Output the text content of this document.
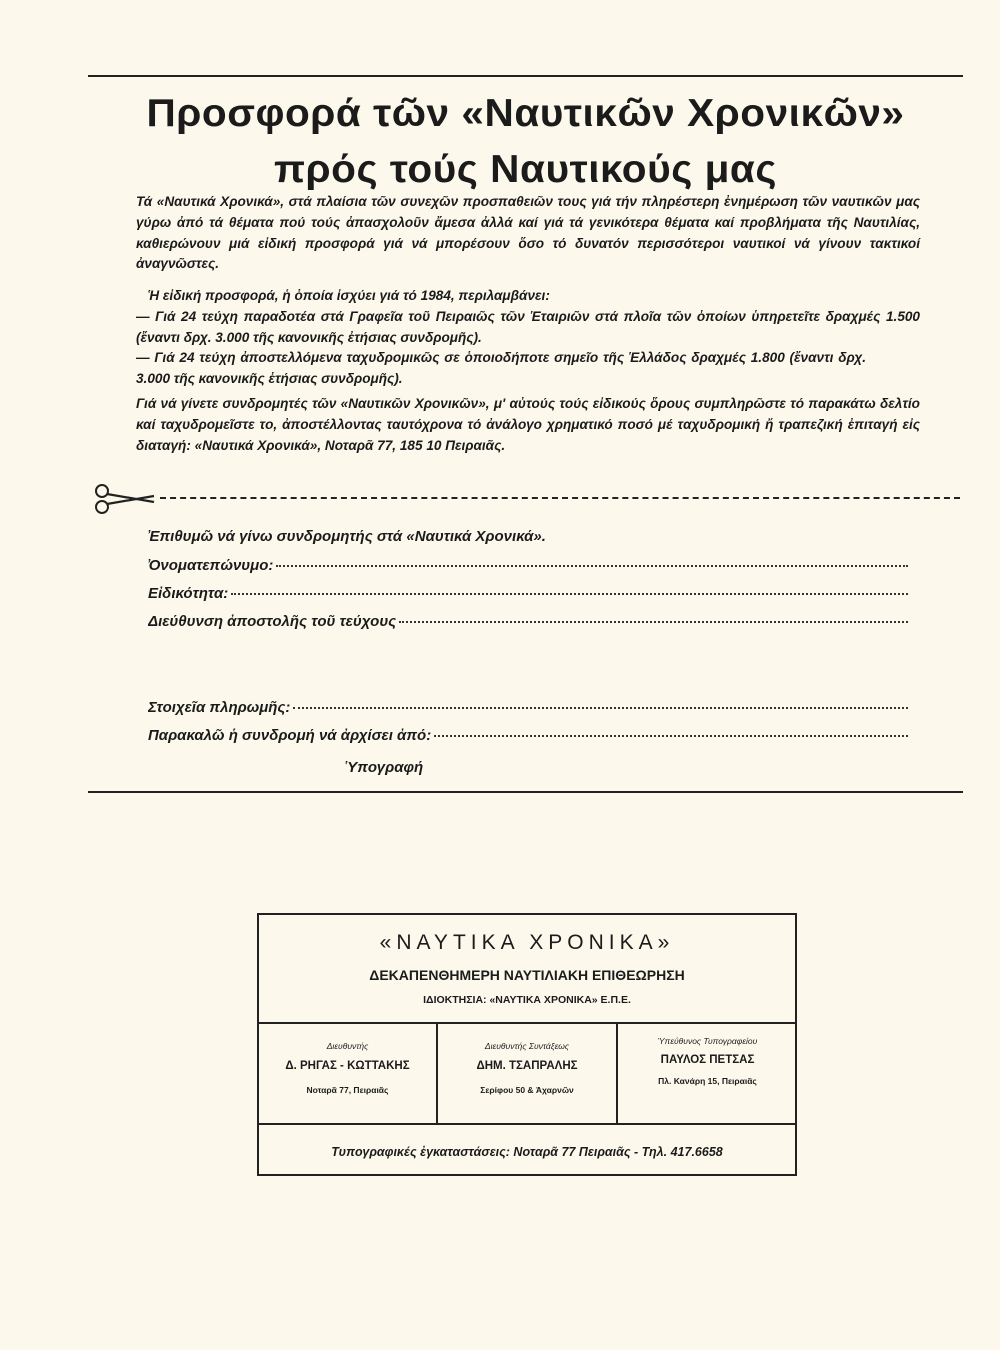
Προσφορά τῶν «Ναυτικῶν Χρονικῶν»
πρός τούς Ναυτικούς μας

Τά «Ναυτικά Χρονικά», στά πλαίσια τῶν συνεχῶν προσπαθειῶν τους γιά τήν πληρέστερη ἐνημέρωση τῶν ναυτικῶν μας γύρω ἀπό τά θέματα πού τούς ἀπασχολοῦν ἄμεσα ἀλλά καί γιά τά γενικότερα θέματα καί προβλήματα τῆς Ναυτιλίας, καθιερώνουν μιά εἰδική προσφορά γιά νά μπορέσουν ὅσο τό δυνατόν περισσότεροι ναυτικοί νά γίνουν τακτικοί ἀναγνῶστες.

Ἡ εἰδική προσφορά, ἡ ὁποία ἰσχύει γιά τό 1984, περιλαμβάνει:

— Γιά 24 τεύχη παραδοτέα στά Γραφεῖα τοῦ Πειραιῶς τῶν Ἑταιριῶν στά πλοῖα τῶν ὁποίων ὑπηρετεῖτε δραχμές 1.500 (ἔναντι δρχ. 3.000 τῆς κανονικῆς ἐτήσιας συνδρομῆς).

— Γιά 24 τεύχη ἀποστελλόμενα ταχυδρομικῶς σε ὁποιοδήποτε σημεῖο τῆς Ἑλλάδος δραχμές 1.800 (ἔναντι δρχ. 3.000 τῆς κανονικῆς ἐτήσιας συνδρομῆς).

Γιά νά γίνετε συνδρομητές τῶν «Ναυτικῶν Χρονικῶν», μ' αὐτούς τούς εἰδικούς ὅρους συμπληρῶστε τό παρακάτω δελτίο καί ταχυδρομεῖστε το, ἀποστέλλοντας ταυτόχρονα τό ἀνάλογο χρηματικό ποσό μέ ταχυδρομική ἤ τραπεζική ἐπιταγή εἰς διαταγή: «Ναυτικά Χρονικά», Νοταρᾶ 77, 185 10 Πειραιᾶς.

Ἐπιθυμῶ νά γίνω συνδρομητής στά «Ναυτικά Χρονικά».
Ὀνοματεπώνυμο:
Εἰδικότητα:
Διεύθυνση ἀποστολῆς τοῦ τεύχους
Στοιχεῖα πληρωμῆς:
Παρακαλῶ ἡ συνδρομή νά ἀρχίσει ἀπό:
Ὑπογραφή
«ΝΑΥΤΙΚΑ ΧΡΟΝΙΚΑ»
ΔΕΚΑΠΕΝΘΗΜΕΡΗ ΝΑΥΤΙΛΙΑΚΗ ΕΠΙΘΕΩΡΗΣΗ
ΙΔΙΟΚΤΗΣΙΑ: «ΝΑΥΤΙΚΑ ΧΡΟΝΙΚΑ» Ε.Π.Ε.
Διευθυντής
Δ. ΡΗΓΑΣ - ΚΩΤΤΑΚΗΣ
Νοταρᾶ 77, Πειραιᾶς
Διευθυντής Συντάξεως
ΔΗΜ. ΤΣΑΠΡΑΛΗΣ
Σερίφου 50 & Ἀχαρνῶν
Ὑπεύθυνος Τυπογραφείου
ΠΑΥΛΟΣ ΠΕΤΣΑΣ
Πλ. Κανάρη 15, Πειραιᾶς
Τυπογραφικές ἐγκαταστάσεις: Νοταρᾶ 77 Πειραιᾶς - Τηλ. 417.6658
